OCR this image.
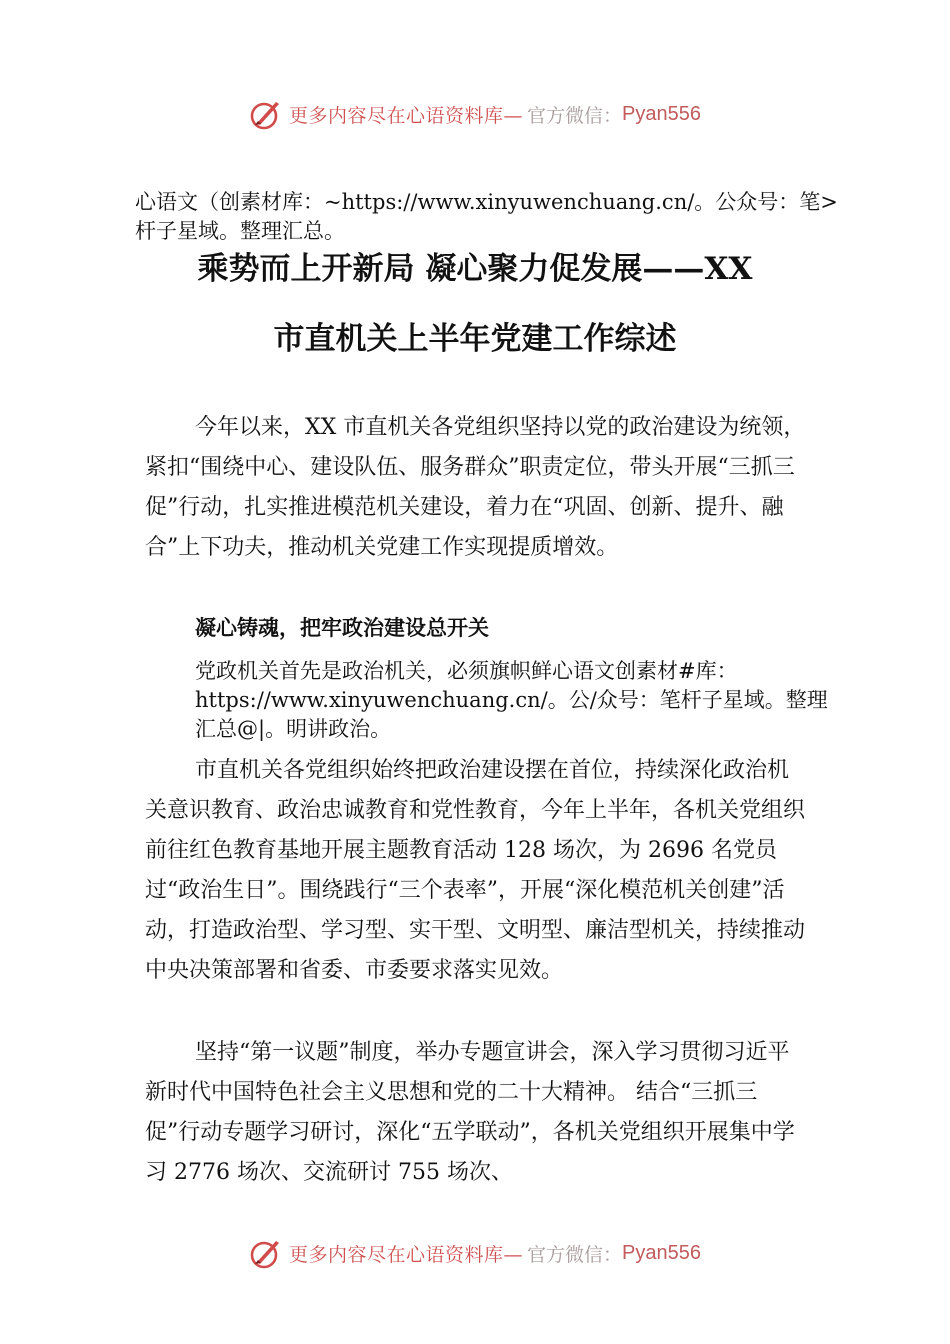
更多内容尽在心语资料库— 官方微信： Pyan556
心语文（创素材库：~https://www.xinyuwenchuang.cn/。公众号：笔>杆子星域。整理汇总。
乘势而上开新局 凝心聚力促发展——XX
市直机关上半年党建工作综述
今年以来，XX 市直机关各党组织坚持以党的政治建设为统领，紧扣“围绕中心、建设队伍、服务群众”职责定位，带头开展“三抓三促”行动，扎实推进模范机关建设，着力在“巩固、创新、提升、融合”上下功夫，推动机关党建工作实现提质增效。
凝心铸魂，把牢政治建设总开关
党政机关首先是政治机关，必须旗帜鲜心语文创素材#库：https://www.xinyuwenchuang.cn/。公/众号：笔杆子星域。整理汇总@|。明讲政治。
市直机关各党组织始终把政治建设摆在首位，持续深化政治机关意识教育、政治忠诚教育和党性教育，今年上半年，各机关党组织前往红色教育基地开展主题教育活动 128 场次，为 2696 名党员过“政治生日”。围绕践行“三个表率”，开展“深化模范机关创建”活动，打造政治型、学习型、实干型、文明型、廉洁型机关，持续推动中央决策部署和省委、市委要求落实见效。
坚持“第一议题”制度，举办专题宣讲会，深入学习贯彻习近平新时代中国特色社会主义思想和党的二十大精神。 结合“三抓三促”行动专题学习研讨，深化“五学联动”，各机关党组织开展集中学习 2776 场次、交流研讨 755 场次、
更多内容尽在心语资料库— 官方微信： Pyan556
